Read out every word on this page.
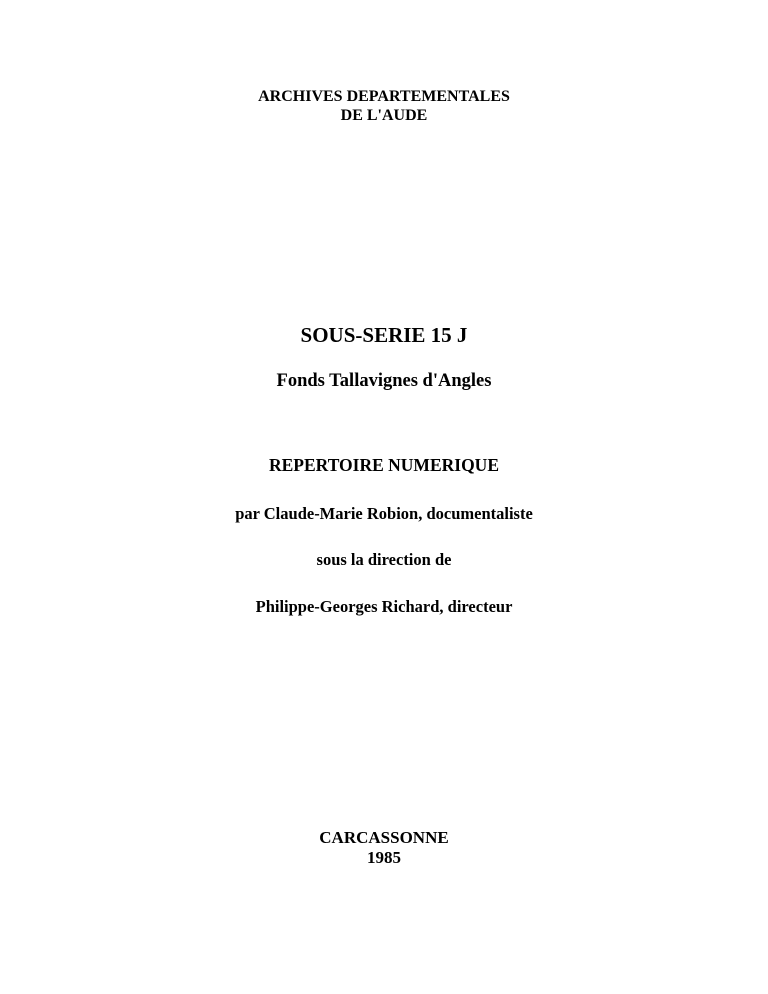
ARCHIVES DEPARTEMENTALES
DE L'AUDE
SOUS-SERIE 15 J
Fonds Tallavignes d'Angles
REPERTOIRE NUMERIQUE
par Claude-Marie Robion, documentaliste
sous la direction de
Philippe-Georges Richard, directeur
CARCASSONNE
1985
